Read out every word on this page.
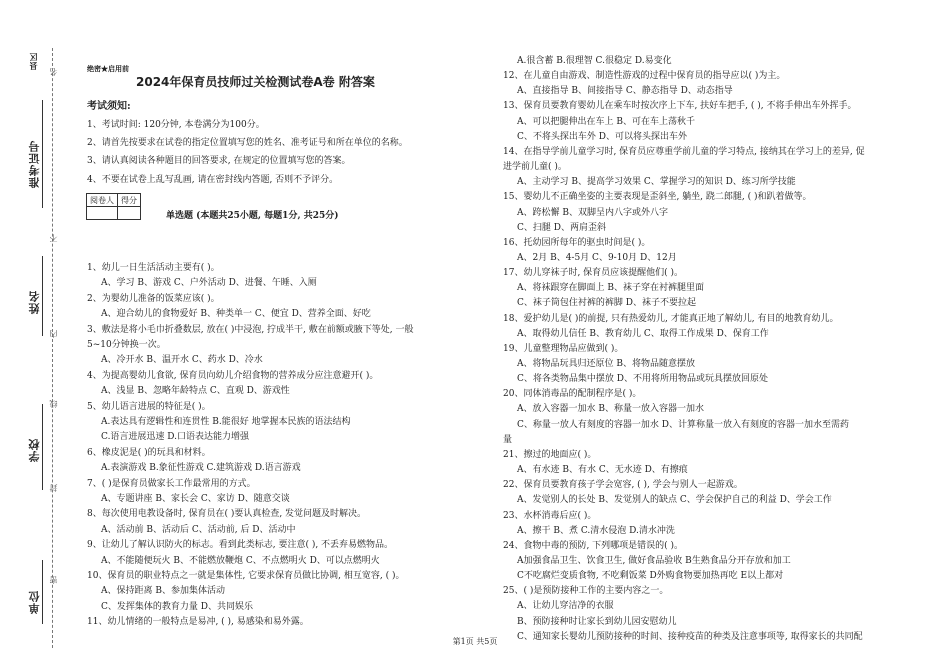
准考证号
姓名
学校
单位
县区
名
不
内
线
封
密
绝密★启用前
2024年保育员技师过关检测试卷A卷 附答案
考试须知:
1、考试时间: 120分钟, 本卷满分为100分。
2、请首先按要求在试卷的指定位置填写您的姓名、准考证号和所在单位的名称。
3、请认真阅读各种题目的回答要求, 在规定的位置填写您的答案。
4、不要在试卷上乱写乱画, 请在密封线内答题, 否则不予评分。
阅卷人	得分

单选题 (本题共25小题, 每题1分, 共25分)
1、幼儿一日生活活动主要有( )。
A、学习 B、游戏 C、户外活动 D、进餐、午睡、入厕
2、为婴幼儿准备的饭菜应该( )。
A、迎合幼儿的食物爱好 B、种类单一 C、便宜 D、营养全面、好吃
3、敷法是将小毛巾折叠数层, 放在( )中浸泡, 拧成半干, 敷在前额或腋下等处, 一般
5~10分钟换一次。
A、冷开水 B、温开水 C、药水 D、冷水
4、为提高婴幼儿食欲, 保育员向幼儿介绍食物的营养成分应注意避开( )。
A、浅显 B、忽略年龄特点 C、直观 D、游戏性
5、幼儿语言进展的特征是( )。
A.表达具有逻辑性和连贯性 B.能很好 地掌握本民族的语法结构
C.语言进展迅速 D.口语表达能力增强
6、橡皮泥是( )的玩具和材料。
A.表演游戏 B.象征性游戏 C.建筑游戏 D.语言游戏
7、( )是保育员做家长工作最常用的方式。
A、专题讲座 B、家长会 C、家访 D、随意交谈
8、每次使用电教设备时, 保育员在( )要认真检查, 发觉问题及时解决。
A、活动前 B、活动后 C、活动前, 后 D、活动中
9、让幼儿了解认识防火的标志。看到此类标志, 要注意( ), 不丢弃易燃物品。
A、不能随便玩火 B、不能燃放鞭炮 C、不点燃明火 D、可以点燃明火
10、保育员的职业特点之一就是集体性, 它要求保育员做比协调, 相互宽容, ( )。
A、保持距离 B、参加集体活动
C、发挥集体的教育力量 D、共同娱乐
11、幼儿情绪的一般特点是易冲, ( ), 易感染和易外露。
A.很含蓄 B.很理智 C.很稳定 D.易变化
12、在儿童自由游戏、制造性游戏的过程中保育员的指导应以( )为主。
A、直接指导 B、间接指导 C、静态指导 D、动态指导
13、保育员要教育婴幼儿在乘车时按次序上下车, 扶好车把手, ( ), 不将手伸出车外挥手。
A、可以把腿伸出在车上 B、可在车上荡秋千
C、不将头探出车外 D、可以将头探出车外
14、在指导学前儿童学习时, 保育员应尊重学前儿童的学习特点, 接纳其在学习上的差异, 促
进学前儿童( )。
A、主动学习 B、提高学习效果 C、掌握学习的知识 D、练习所学技能
15、婴幼儿不正确坐姿的主要表现是歪斜坐, 躺坐, 跷二郎腿, ( )和趴着做等。
A、跨松懈 B、双脚呈内八字或外八字
C、扫腿 D、两肩歪斜
16、托幼园所每年的驱虫时间是( )。
A、2月 B、4-5月 C、9-10月 D、12月
17、幼儿穿袜子时, 保育员应该提醒他们( )。
A、将袜跟穿在脚面上 B、袜子穿在衬裤腿里面
C、袜子筒包住衬裤的裤脚 D、袜子不要拉起
18、爱护幼儿是( )的前提, 只有热爱幼儿, 才能真正地了解幼儿, 有目的地教育幼儿。
A、取得幼儿信任 B、教育幼儿 C、取得工作成果 D、保育工作
19、儿童整理物品应做到( )。
A、将物品玩具归还原位 B、将物品随意摆放
C、将各类物品集中摆放 D、不用将所用物品或玩具摆放回原处
20、同体消毒品的配制程序是( )。
A、放入容器一加水 B、称量一放入容器一加水
C、称量一放人有刻度的容器一加水 D、计算称量一放入有刻度的容器一加水至需药
量
21、擦过的地面应( )。
A、有水迹 B、有水 C、无水迹 D、有擦痕
22、保育员要教育孩子学会宽容, ( ), 学会与别人一起游戏。
A、发觉别人的长处 B、发觉别人的缺点 C、学会保护自己的利益 D、学会工作
23、水杯消毒后应( )。
A、擦干 B、煮 C.清水侵泡 D.清水冲洗
24、食物中毒的预防, 下列哪项是错误的( )。
A加强食品卫生、饮食卫生, 做好食品验收 B生熟食品分开存放和加工
C不吃腐烂变质食物, 不吃剩饭菜 D外购食物要加热再吃 E以上都对
25、( )是预防接种工作的主要内容之一。
A、让幼儿穿洁净的衣服
B、预防接种时让家长到幼儿园安慰幼儿
C、通知家长婴幼儿预防接种的时间、接种疫苗的种类及注意事项等, 取得家长的共同配
第1页 共5页
